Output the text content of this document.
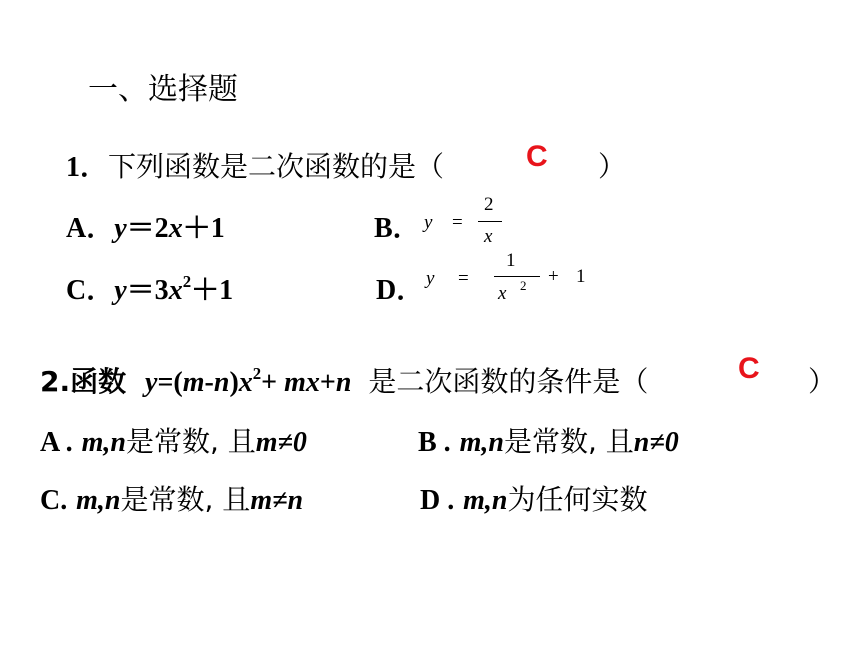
一、选择题
1．下列函数是二次函数的是（	C ）
A．y＝2x＋1	B． y =
2
x
C．$y=3x^2+1$	D． y =
1
x 2 + 1
2.函数 $y=(m-n)x^2+ mx+n$ 是二次函数的条件是（	C ）
A . m,n是常数, 且m≠0	B . m,n是常数, 且n≠0
C. m,n是常数, 且m≠n	D . m,n为任何实数
